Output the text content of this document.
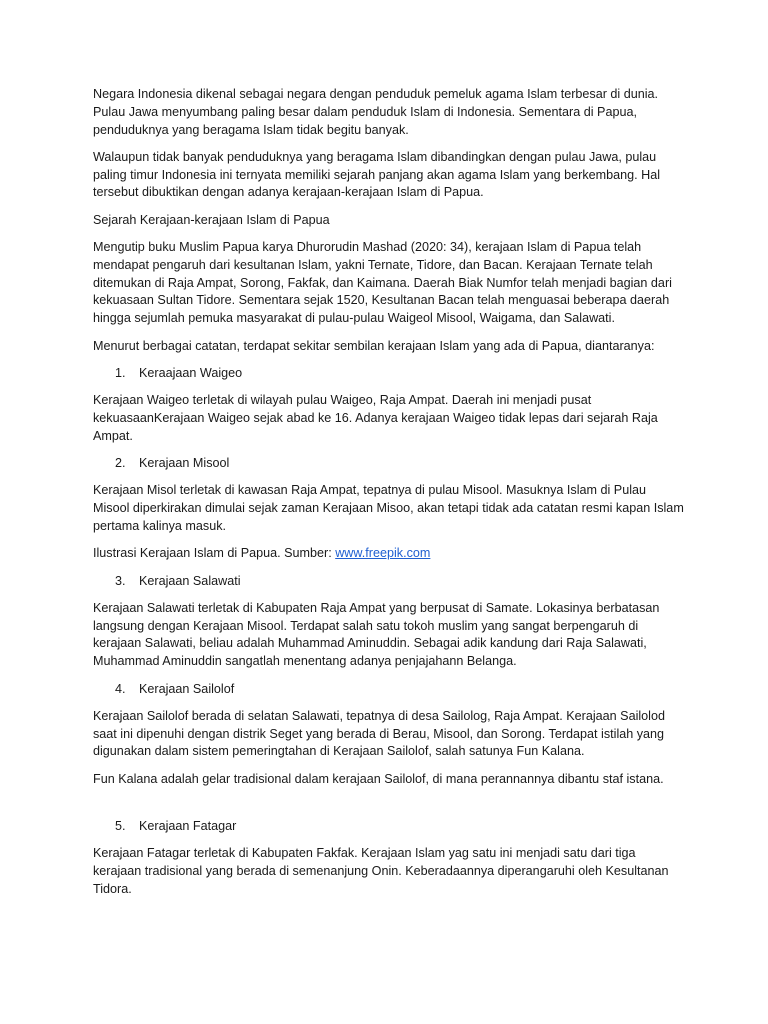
Negara Indonesia dikenal sebagai negara dengan penduduk pemeluk agama Islam terbesar di dunia. Pulau Jawa menyumbang paling besar dalam penduduk Islam di Indonesia. Sementara di Papua, penduduknya yang beragama Islam tidak begitu banyak.

Walaupun tidak banyak penduduknya yang beragama Islam dibandingkan dengan pulau Jawa, pulau paling timur Indonesia ini ternyata memiliki sejarah panjang akan agama Islam yang berkembang. Hal tersebut dibuktikan dengan adanya kerajaan-kerajaan Islam di Papua.

Sejarah Kerajaan-kerajaan Islam di Papua

Mengutip buku Muslim Papua karya Dhurorudin Mashad (2020: 34), kerajaan Islam di Papua telah mendapat pengaruh dari kesultanan Islam, yakni Ternate, Tidore, dan Bacan. Kerajaan Ternate telah ditemukan di Raja Ampat, Sorong, Fakfak, dan Kaimana. Daerah Biak Numfor telah menjadi bagian dari kekuasaan Sultan Tidore. Sementara sejak 1520, Kesultanan Bacan telah menguasai beberapa daerah hingga sejumlah pemuka masyarakat di pulau-pulau Waigeol Misool, Waigama, dan Salawati.

Menurut berbagai catatan, terdapat sekitar sembilan kerajaan Islam yang ada di Papua, diantaranya:

1.	Keraajaan Waigeo

Kerajaan Waigeo terletak di wilayah pulau Waigeo, Raja Ampat. Daerah ini menjadi pusat kekuasaanKerajaan Waigeo sejak abad ke 16. Adanya kerajaan Waigeo tidak lepas dari sejarah Raja Ampat.

2.	Kerajaan Misool

Kerajaan Misol terletak di kawasan Raja Ampat, tepatnya di pulau Misool. Masuknya Islam di Pulau Misool diperkirakan dimulai sejak zaman Kerajaan Misoo, akan tetapi tidak ada catatan resmi kapan Islam pertama kalinya masuk.

Ilustrasi Kerajaan Islam di Papua. Sumber: www.freepik.com

3.	Kerajaan Salawati

Kerajaan Salawati terletak di Kabupaten Raja Ampat yang berpusat di Samate. Lokasinya berbatasan langsung dengan Kerajaan Misool. Terdapat salah satu tokoh muslim yang sangat berpengaruh di kerajaan Salawati, beliau adalah Muhammad Aminuddin. Sebagai adik kandung dari Raja Salawati, Muhammad Aminuddin sangatlah menentang adanya penjajahann Belanga.

4.	Kerajaan Sailolof

Kerajaan Sailolof berada di selatan Salawati, tepatnya di desa Sailolog, Raja Ampat. Kerajaan Sailolod saat ini dipenuhi dengan distrik Seget yang berada di Berau, Misool, dan Sorong. Terdapat istilah yang digunakan dalam sistem pemeringtahan di Kerajaan Sailolof, salah satunya Fun Kalana.

Fun Kalana adalah gelar tradisional dalam kerajaan Sailolof, di mana perannannya dibantu staf istana.

5.	Kerajaan Fatagar

Kerajaan Fatagar terletak di Kabupaten Fakfak. Kerajaan Islam yag satu ini menjadi satu dari tiga kerajaan tradisional yang berada di semenanjung Onin. Keberadaannya diperangaruhi oleh Kesultanan Tidora.
